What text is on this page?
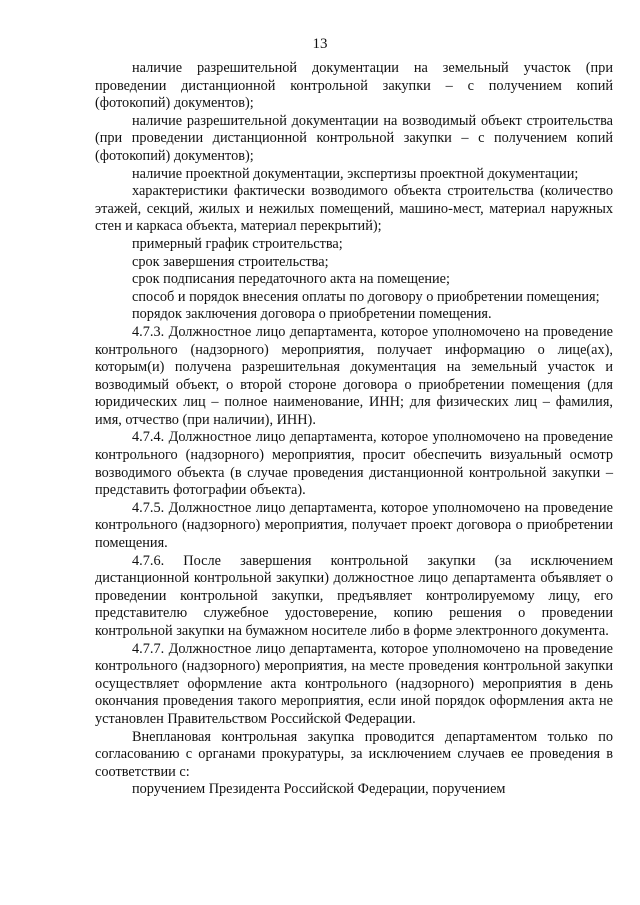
13

наличие разрешительной документации на земельный участок (при проведении дистанционной контрольной закупки – с получением копий (фотокопий) документов);

наличие разрешительной документации на возводимый объект строительства (при проведении дистанционной контрольной закупки – с получением копий (фотокопий) документов);

наличие проектной документации, экспертизы проектной документации;

характеристики фактически возводимого объекта строительства (количество этажей, секций, жилых и нежилых помещений, машино-мест, материал наружных стен и каркаса объекта, материал перекрытий);

примерный график строительства;

срок завершения строительства;

срок подписания передаточного акта на помещение;

способ и порядок внесения оплаты по договору о приобретении помещения;

порядок заключения договора о приобретении помещения.

4.7.3. Должностное лицо департамента, которое уполномочено на проведение контрольного (надзорного) мероприятия, получает информацию о лице(ах), которым(и) получена разрешительная документация на земельный участок и возводимый объект, о второй стороне договора о приобретении помещения (для юридических лиц – полное наименование, ИНН; для физических лиц – фамилия, имя, отчество (при наличии), ИНН).

4.7.4. Должностное лицо департамента, которое уполномочено на проведение контрольного (надзорного) мероприятия, просит обеспечить визуальный осмотр возводимого объекта (в случае проведения дистанционной контрольной закупки – представить фотографии объекта).

4.7.5. Должностное лицо департамента, которое уполномочено на проведение контрольного (надзорного) мероприятия, получает проект договора о приобретении помещения.

4.7.6. После завершения контрольной закупки (за исключением дистанционной контрольной закупки) должностное лицо департамента объявляет о проведении контрольной закупки, предъявляет контролируемому лицу, его представителю служебное удостоверение, копию решения о проведении контрольной закупки на бумажном носителе либо в форме электронного документа.

4.7.7. Должностное лицо департамента, которое уполномочено на проведение контрольного (надзорного) мероприятия, на месте проведения контрольной закупки осуществляет оформление акта контрольного (надзорного) мероприятия в день окончания проведения такого мероприятия, если иной порядок оформления акта не установлен Правительством Российской Федерации.

Внеплановая контрольная закупка проводится департаментом только по согласованию с органами прокуратуры, за исключением случаев ее проведения в соответствии с:

поручением Президента Российской Федерации, поручением
